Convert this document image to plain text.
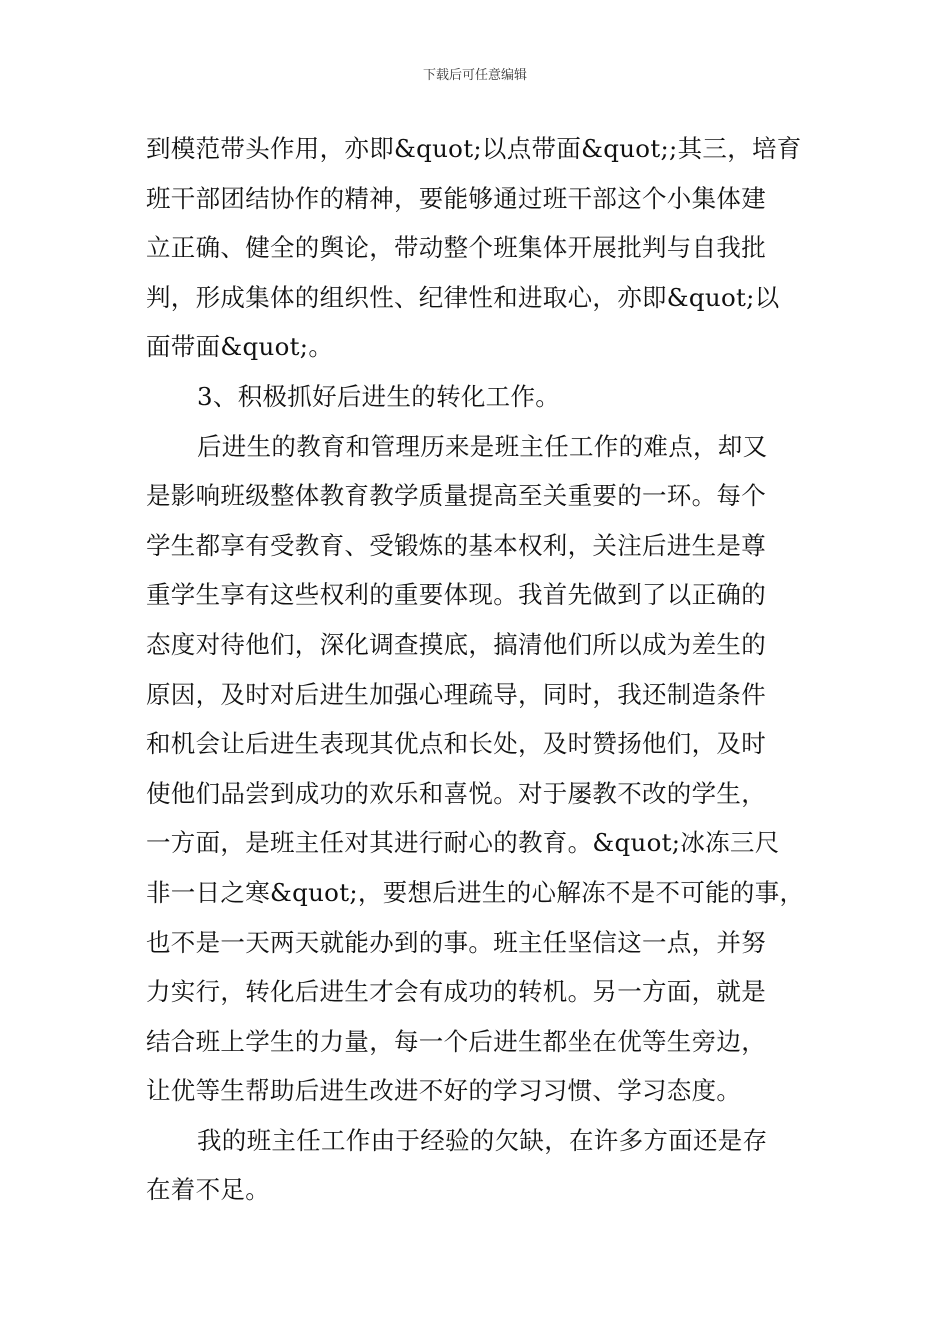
下载后可任意编辑
到模范带头作用，亦即&quot;以点带面&quot;;其三，培育
班干部团结协作的精神，要能够通过班干部这个小集体建
立正确、健全的舆论，带动整个班集体开展批判与自我批
判，形成集体的组织性、纪律性和进取心，亦即&quot;以
面带面&quot;。
3、积极抓好后进生的转化工作。
后进生的教育和管理历来是班主任工作的难点，却又
是影响班级整体教育教学质量提高至关重要的一环。每个
学生都享有受教育、受锻炼的基本权利，关注后进生是尊
重学生享有这些权利的重要体现。我首先做到了以正确的
态度对待他们，深化调查摸底，搞清他们所以成为差生的
原因，及时对后进生加强心理疏导，同时，我还制造条件
和机会让后进生表现其优点和长处，及时赞扬他们，及时
使他们品尝到成功的欢乐和喜悦。对于屡教不改的学生，
一方面，是班主任对其进行耐心的教育。&quot;冰冻三尺
非一日之寒&quot;，要想后进生的心解冻不是不可能的事，
也不是一天两天就能办到的事。班主任坚信这一点，并努
力实行，转化后进生才会有成功的转机。另一方面，就是
结合班上学生的力量，每一个后进生都坐在优等生旁边，
让优等生帮助后进生改进不好的学习习惯、学习态度。
我的班主任工作由于经验的欠缺，在许多方面还是存
在着不足。
